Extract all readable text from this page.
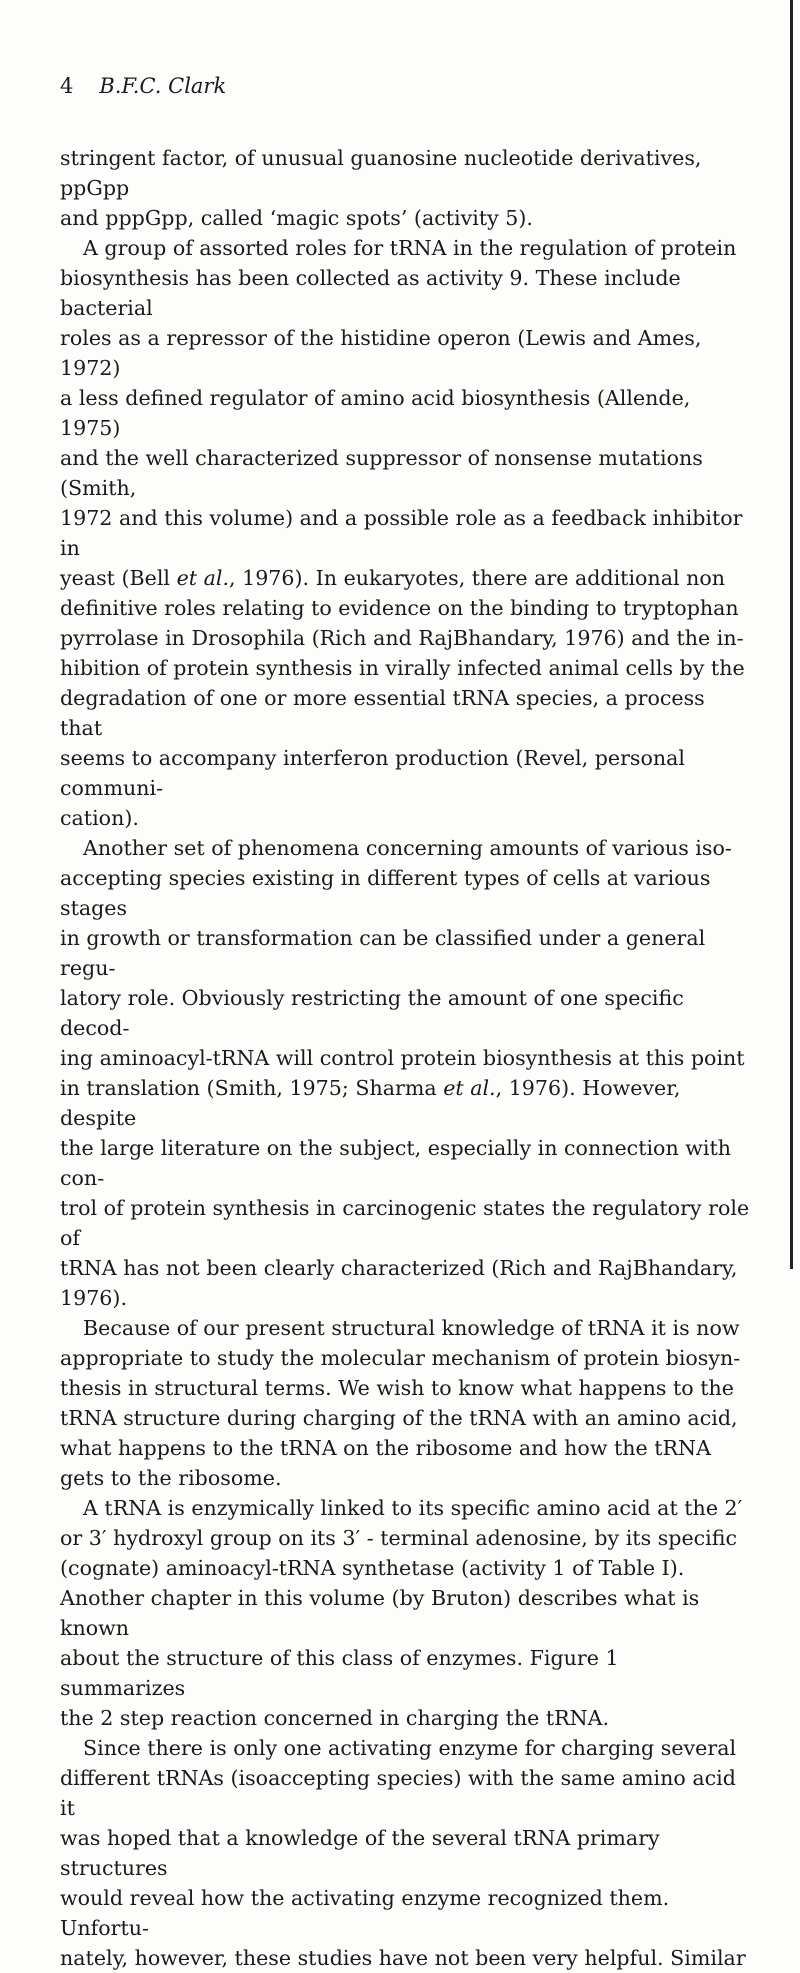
4 B.F.C. Clark

stringent factor, of unusual guanosine nucleotide derivatives, ppGpp
and pppGpp, called ‘magic spots’ (activity 5).

A group of assorted roles for tRNA in the regulation of protein
biosynthesis has been collected as activity 9. These include bacterial
roles as a repressor of the histidine operon (Lewis and Ames, 1972)
a less defined regulator of amino acid biosynthesis (Allende, 1975)
and the well characterized suppressor of nonsense mutations (Smith,
1972 and this volume) and a possible role as a feedback inhibitor in
yeast (Bell et al., 1976). In eukaryotes, there are additional non
definitive roles relating to evidence on the binding to tryptophan
pyrrolase in Drosophila (Rich and RajBhandary, 1976) and the in-
hibition of protein synthesis in virally infected animal cells by the
degradation of one or more essential tRNA species, a process that
seems to accompany interferon production (Revel, personal communi-
cation).

Another set of phenomena concerning amounts of various iso-
accepting species existing in different types of cells at various stages
in growth or transformation can be classified under a general regu-
latory role. Obviously restricting the amount of one specific decod-
ing aminoacyl-tRNA will control protein biosynthesis at this point
in translation (Smith, 1975; Sharma et al., 1976). However, despite
the large literature on the subject, especially in connection with con-
trol of protein synthesis in carcinogenic states the regulatory role of
tRNA has not been clearly characterized (Rich and RajBhandary,
1976).

Because of our present structural knowledge of tRNA it is now
appropriate to study the molecular mechanism of protein biosyn-
thesis in structural terms. We wish to know what happens to the
tRNA structure during charging of the tRNA with an amino acid,
what happens to the tRNA on the ribosome and how the tRNA
gets to the ribosome.

A tRNA is enzymically linked to its specific amino acid at the 2′
or 3′ hydroxyl group on its 3′ - terminal adenosine, by its specific
(cognate) aminoacyl-tRNA synthetase (activity 1 of Table I).
Another chapter in this volume (by Bruton) describes what is known
about the structure of this class of enzymes. Figure 1 summarizes
the 2 step reaction concerned in charging the tRNA.

Since there is only one activating enzyme for charging several
different tRNAs (isoaccepting species) with the same amino acid it
was hoped that a knowledge of the several tRNA primary structures
would reveal how the activating enzyme recognized them. Unfortu-
nately, however, these studies have not been very helpful. Similar
